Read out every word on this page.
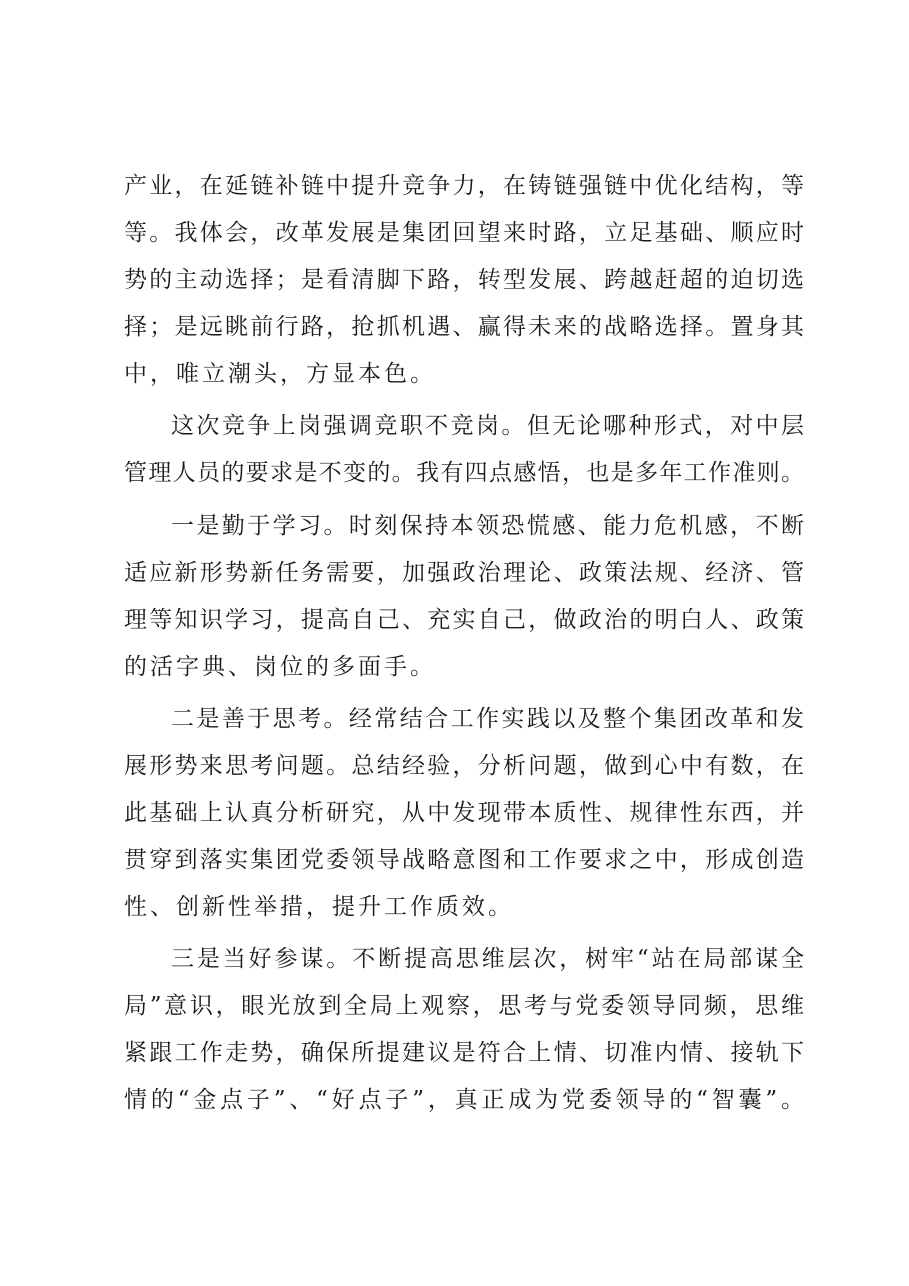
产业，在延链补链中提升竞争力，在铸链强链中优化结构，等
等。我体会，改革发展是集团回望来时路，立足基础、顺应时
势的主动选择；是看清脚下路，转型发展、跨越赶超的迫切选
择；是远眺前行路，抢抓机遇、赢得未来的战略选择。置身其
中，唯立潮头，方显本色。
这次竞争上岗强调竞职不竞岗。但无论哪种形式，对中层
管理人员的要求是不变的。我有四点感悟，也是多年工作准则。
一是勤于学习。时刻保持本领恐慌感、能力危机感，不断
适应新形势新任务需要，加强政治理论、政策法规、经济、管
理等知识学习，提高自己、充实自己，做政治的明白人、政策
的活字典、岗位的多面手。
二是善于思考。经常结合工作实践以及整个集团改革和发
展形势来思考问题。总结经验，分析问题，做到心中有数，在
此基础上认真分析研究，从中发现带本质性、规律性东西，并
贯穿到落实集团党委领导战略意图和工作要求之中，形成创造
性、创新性举措，提升工作质效。
三是当好参谋。不断提高思维层次，树牢“站在局部谋全
局”意识，眼光放到全局上观察，思考与党委领导同频，思维
紧跟工作走势，确保所提建议是符合上情、切准内情、接轨下
情的“金点子”、“好点子”，真正成为党委领导的“智囊”。
